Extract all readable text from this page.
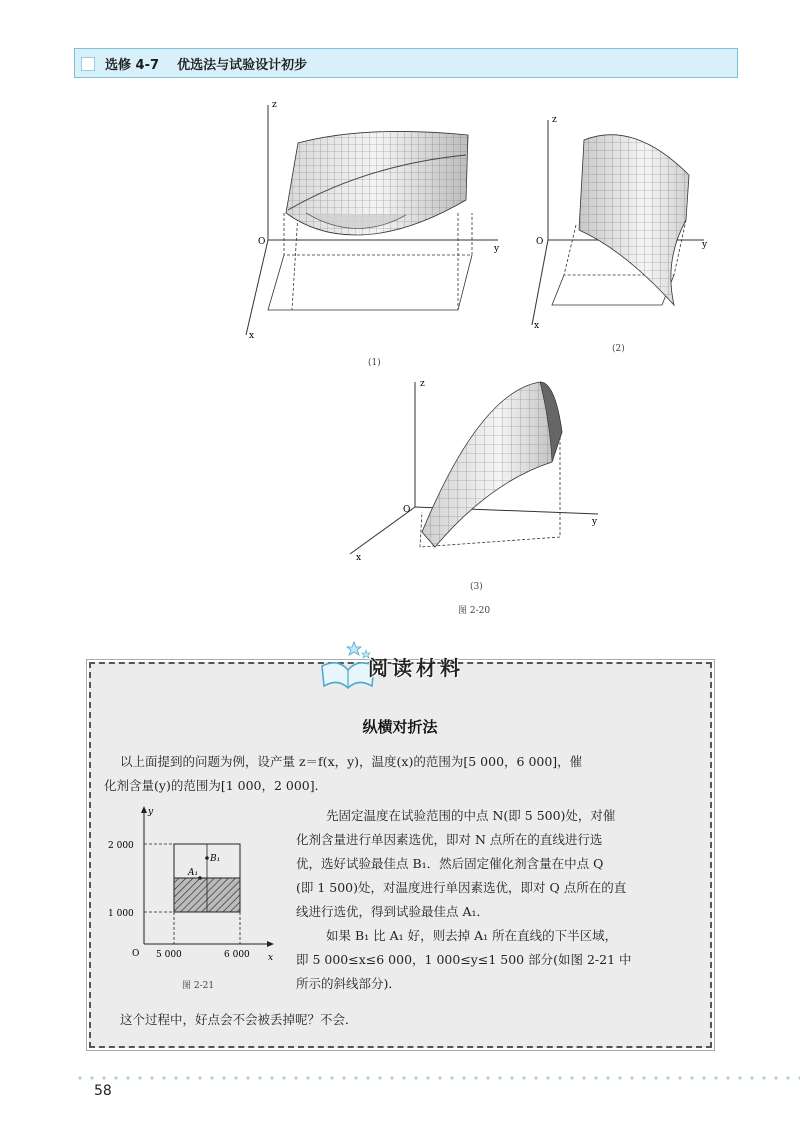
选修 4-7    优选法与试验设计初步
z
y
x
O
(1)
z
y
x
O
(2)
z
y
x
O
(3)
图 2-20
阅读材料
纵横对折法
以上面提到的问题为例，设产量 z＝f(x，y)，温度(x)的范围为[5 000，6 000]，催
化剂含量(y)的范围为[1 000，2 000]．
y
x
O
2 000
1 000
5 000	6 000
A₁
B₁
图 2-21
先固定温度在试验范围的中点 N(即 5 500)处，对催
化剂含量进行单因素选优，即对 N 点所在的直线进行选
优，选好试验最佳点 B₁．然后固定催化剂含量在中点 Q
(即 1 500)处，对温度进行单因素选优，即对 Q 点所在的直
线进行选优，得到试验最佳点 A₁．
如果 B₁ 比 A₁ 好，则去掉 A₁ 所在直线的下半区域，
即 5 000≤x≤6 000，1 000≤y≤1 500 部分(如图 2-21 中
所示的斜线部分)．
这个过程中，好点会不会被丢掉呢？不会．
58
